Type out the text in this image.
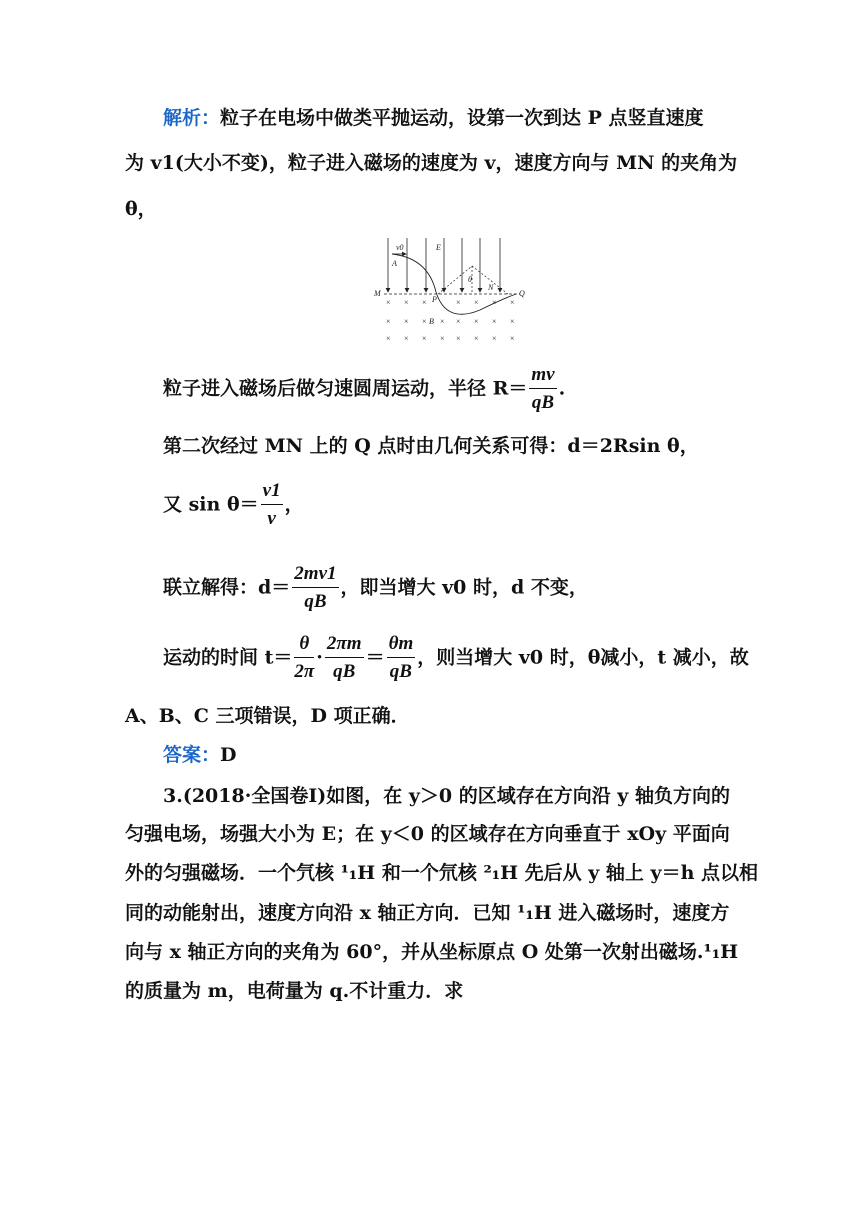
解析：粒子在电场中做类平抛运动，设第一次到达 P 点竖直速度
为 v1(大小不变)，粒子进入磁场的速度为 v，速度方向与 MN 的夹角为
θ，
× × ×	× × × ×
× × × × × × × ×
× × × × × × × ×
v0	E
A
M
P
θ
N
Q
B
粒子进入磁场后做匀速圆周运动，半径 $R= \frac{mv}{qB}$ .
第二次经过 MN 上的 Q 点时由几何关系可得：d＝2Rsin θ，
又 $\sin \theta= \frac{v1}{v}$ ，
联立解得：$d= \frac{2mv1}{qB}$ ，即当增大 v0 时，d 不变，
运动的时间 $t= \frac{\theta}{2\pi} \cdot \frac{2\pi m}{qB} = \frac{\theta m}{qB}$ ，则当增大 v0 时，θ减小，t 减小，故
A、B、C 三项错误，D 项正确．
答案：D
3.(2018·全国卷Ⅰ)如图，在 y＞0 的区域存在方向沿 y 轴负方向的
匀强电场，场强大小为 E；在 y＜0 的区域存在方向垂直于 xOy 平面向
外的匀强磁场．一个氕核 ¹₁H 和一个氘核 ²₁H 先后从 y 轴上 y＝h 点以相
同的动能射出，速度方向沿 x 轴正方向．已知 ¹₁H 进入磁场时，速度方
向与 x 轴正方向的夹角为 60°，并从坐标原点 O 处第一次射出磁场.¹₁H
的质量为 m，电荷量为 q.不计重力．求
